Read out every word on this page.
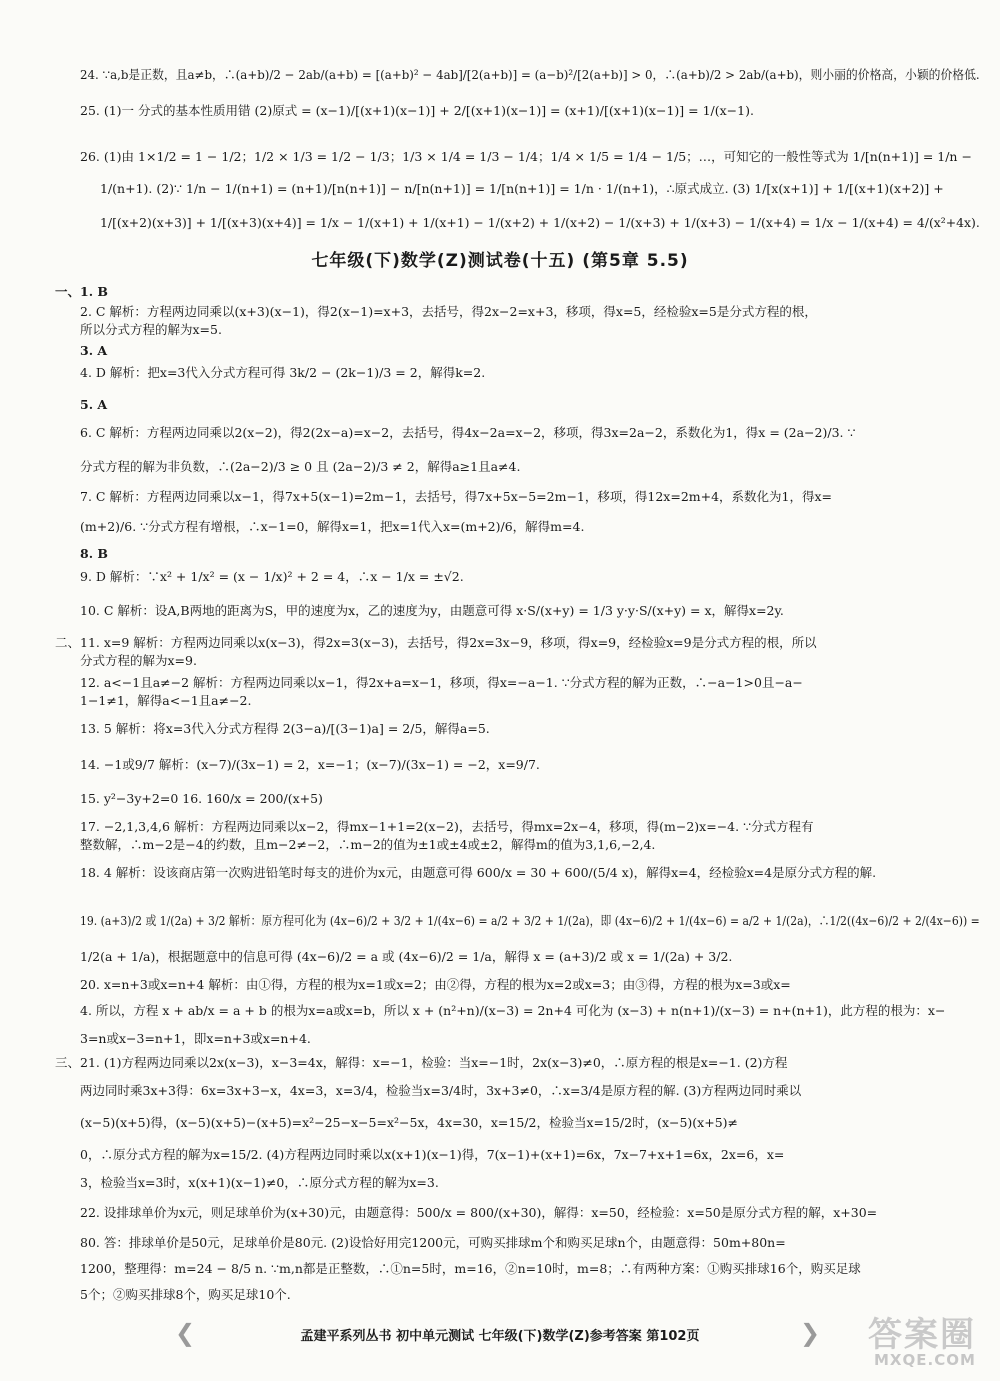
24. ∵a,b是正数，且a≠b，∴(a+b)/2 − 2ab/(a+b) = [(a+b)² − 4ab]/[2(a+b)] = (a−b)²/[2(a+b)] > 0，∴(a+b)/2 > 2ab/(a+b)，则小丽的价格高，小颖的价格低.
25. (1)一 分式的基本性质用错 (2)原式 = (x−1)/[(x+1)(x−1)] + 2/[(x+1)(x−1)] = (x+1)/[(x+1)(x−1)] = 1/(x−1).
26. (1)由 1×1/2 = 1 − 1/2；1/2 × 1/3 = 1/2 − 1/3；1/3 × 1/4 = 1/3 − 1/4；1/4 × 1/5 = 1/4 − 1/5；…，可知它的一般性等式为 1/[n(n+1)] = 1/n −
1/(n+1). (2)∵ 1/n − 1/(n+1) = (n+1)/[n(n+1)] − n/[n(n+1)] = 1/[n(n+1)] = 1/n · 1/(n+1)，∴原式成立. (3) 1/[x(x+1)] + 1/[(x+1)(x+2)] +
1/[(x+2)(x+3)] + 1/[(x+3)(x+4)] = 1/x − 1/(x+1) + 1/(x+1) − 1/(x+2) + 1/(x+2) − 1/(x+3) + 1/(x+3) − 1/(x+4) = 1/x − 1/(x+4) = 4/(x²+4x).
七年级(下)数学(Z)测试卷(十五) (第5章 5.5)
一、1. B
2. C 解析：方程两边同乘以(x+3)(x−1)，得2(x−1)=x+3，去括号，得2x−2=x+3，移项，得x=5，经检验x=5是分式方程的根，
所以分式方程的解为x=5.
3. A
4. D 解析：把x=3代入分式方程可得 3k/2 − (2k−1)/3 = 2，解得k=2.
5. A
6. C 解析：方程两边同乘以2(x−2)，得2(2x−a)=x−2，去括号，得4x−2a=x−2，移项，得3x=2a−2，系数化为1，得x = (2a−2)/3. ∵
分式方程的解为非负数，∴(2a−2)/3 ≥ 0 且 (2a−2)/3 ≠ 2，解得a≥1且a≠4.
7. C 解析：方程两边同乘以x−1，得7x+5(x−1)=2m−1，去括号，得7x+5x−5=2m−1，移项，得12x=2m+4，系数化为1，得x=
(m+2)/6. ∵分式方程有增根，∴x−1=0，解得x=1，把x=1代入x=(m+2)/6，解得m=4.
8. B
9. D 解析：∵x² + 1/x² = (x − 1/x)² + 2 = 4，∴x − 1/x = ±√2.
10. C 解析：设A,B两地的距离为S，甲的速度为x，乙的速度为y，由题意可得 x·S/(x+y) = 1/3 y·y·S/(x+y) = x，解得x=2y.
二、11. x=9 解析：方程两边同乘以x(x−3)，得2x=3(x−3)，去括号，得2x=3x−9，移项，得x=9，经检验x=9是分式方程的根，所以
分式方程的解为x=9.
12. a<−1且a≠−2 解析：方程两边同乘以x−1，得2x+a=x−1，移项，得x=−a−1. ∵分式方程的解为正数，∴−a−1>0且−a−
1−1≠1，解得a<−1且a≠−2.
13. 5 解析：将x=3代入分式方程得 2(3−a)/[(3−1)a] = 2/5，解得a=5.
14. −1或9/7 解析：(x−7)/(3x−1) = 2，x=−1；(x−7)/(3x−1) = −2，x=9/7.
15. y²−3y+2=0 16. 160/x = 200/(x+5)
17. −2,1,3,4,6 解析：方程两边同乘以x−2，得mx−1+1=2(x−2)，去括号，得mx=2x−4，移项，得(m−2)x=−4. ∵分式方程有
整数解，∴m−2是−4的约数，且m−2≠−2，∴m−2的值为±1或±4或±2，解得m的值为3,1,6,−2,4.
18. 4 解析：设该商店第一次购进铅笔时每支的进价为x元，由题意可得 600/x = 30 + 600/(5/4 x)，解得x=4，经检验x=4是原分式方程的解.
19. (a+3)/2 或 1/(2a) + 3/2 解析：原方程可化为 (4x−6)/2 + 3/2 + 1/(4x−6) = a/2 + 3/2 + 1/(2a)，即 (4x−6)/2 + 1/(4x−6) = a/2 + 1/(2a)，∴1/2((4x−6)/2 + 2/(4x−6)) =
1/2(a + 1/a)，根据题意中的信息可得 (4x−6)/2 = a 或 (4x−6)/2 = 1/a，解得 x = (a+3)/2 或 x = 1/(2a) + 3/2.
20. x=n+3或x=n+4 解析：由①得，方程的根为x=1或x=2；由②得，方程的根为x=2或x=3；由③得，方程的根为x=3或x=
4. 所以，方程 x + ab/x = a + b 的根为x=a或x=b，所以 x + (n²+n)/(x−3) = 2n+4 可化为 (x−3) + n(n+1)/(x−3) = n+(n+1)，此方程的根为：x−
3=n或x−3=n+1，即x=n+3或x=n+4.
三、21. (1)方程两边同乘以2x(x−3)，x−3=4x，解得：x=−1，检验：当x=−1时，2x(x−3)≠0，∴原方程的根是x=−1. (2)方程
两边同时乘3x+3得：6x=3x+3−x，4x=3，x=3/4，检验当x=3/4时，3x+3≠0，∴x=3/4是原方程的解. (3)方程两边同时乘以
(x−5)(x+5)得，(x−5)(x+5)−(x+5)=x²−25−x−5=x²−5x，4x=30，x=15/2，检验当x=15/2时，(x−5)(x+5)≠
0，∴原分式方程的解为x=15/2. (4)方程两边同时乘以x(x+1)(x−1)得，7(x−1)+(x+1)=6x，7x−7+x+1=6x，2x=6，x=
3，检验当x=3时，x(x+1)(x−1)≠0，∴原分式方程的解为x=3.
22. 设排球单价为x元，则足球单价为(x+30)元，由题意得：500/x = 800/(x+30)，解得：x=50，经检验：x=50是原分式方程的解，x+30=
80. 答：排球单价是50元，足球单价是80元. (2)设恰好用完1200元，可购买排球m个和购买足球n个，由题意得：50m+80n=
1200，整理得：m=24 − 8/5 n. ∵m,n都是正整数，∴①n=5时，m=16，②n=10时，m=8；∴有两种方案：①购买排球16个，购买足球
5个；②购买排球8个，购买足球10个.
❮	孟建平系列丛书 初中单元测试 七年级(下)数学(Z)参考答案 第102页	❯ 答案圈
MXQE.COM
